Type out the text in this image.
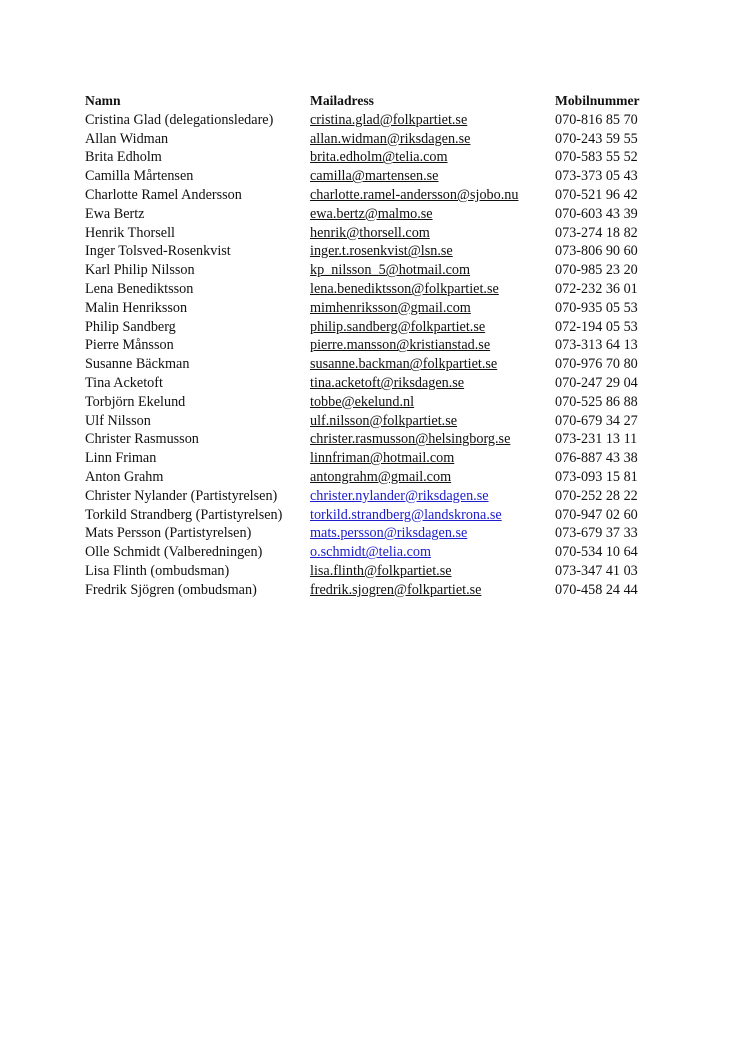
Namn	Mailadress	Mobilnummer
Cristina Glad (delegationsledare)	cristina.glad@folkpartiet.se	070-816 85 70
Allan Widman	allan.widman@riksdagen.se	070-243 59 55
Brita Edholm	brita.edholm@telia.com	070-583 55 52
Camilla Mårtensen	camilla@martensen.se	073-373 05 43
Charlotte Ramel Andersson	charlotte.ramel-andersson@sjobo.nu	070-521 96 42
Ewa Bertz	ewa.bertz@malmo.se	070-603 43 39
Henrik Thorsell	henrik@thorsell.com	073-274 18 82
Inger Tolsved-Rosenkvist	inger.t.rosenkvist@lsn.se	073-806 90 60
Karl Philip Nilsson	kp_nilsson_5@hotmail.com	070-985 23 20
Lena Benediktsson	lena.benediktsson@folkpartiet.se	072-232 36 01
Malin Henriksson	mimhenriksson@gmail.com	070-935 05 53
Philip Sandberg	philip.sandberg@folkpartiet.se	072-194 05 53
Pierre Månsson	pierre.mansson@kristianstad.se	073-313 64 13
Susanne Bäckman	susanne.backman@folkpartiet.se	070-976 70 80
Tina Acketoft	tina.acketoft@riksdagen.se	070-247 29 04
Torbjörn Ekelund	tobbe@ekelund.nl	070-525 86 88
Ulf Nilsson	ulf.nilsson@folkpartiet.se	070-679 34 27
Christer Rasmusson	christer.rasmusson@helsingborg.se	073-231 13 11
Linn Friman	linnfriman@hotmail.com	076-887 43 38
Anton Grahm	antongrahm@gmail.com	073-093 15 81
Christer Nylander (Partistyrelsen)	christer.nylander@riksdagen.se	070-252 28 22
Torkild Strandberg (Partistyrelsen)	torkild.strandberg@landskrona.se	070-947 02 60
Mats Persson (Partistyrelsen)	mats.persson@riksdagen.se	073-679 37 33
Olle Schmidt (Valberedningen)	o.schmidt@telia.com	070-534 10 64
Lisa Flinth (ombudsman)	lisa.flinth@folkpartiet.se	073-347 41 03
Fredrik Sjögren (ombudsman)	fredrik.sjogren@folkpartiet.se	070-458 24 44
